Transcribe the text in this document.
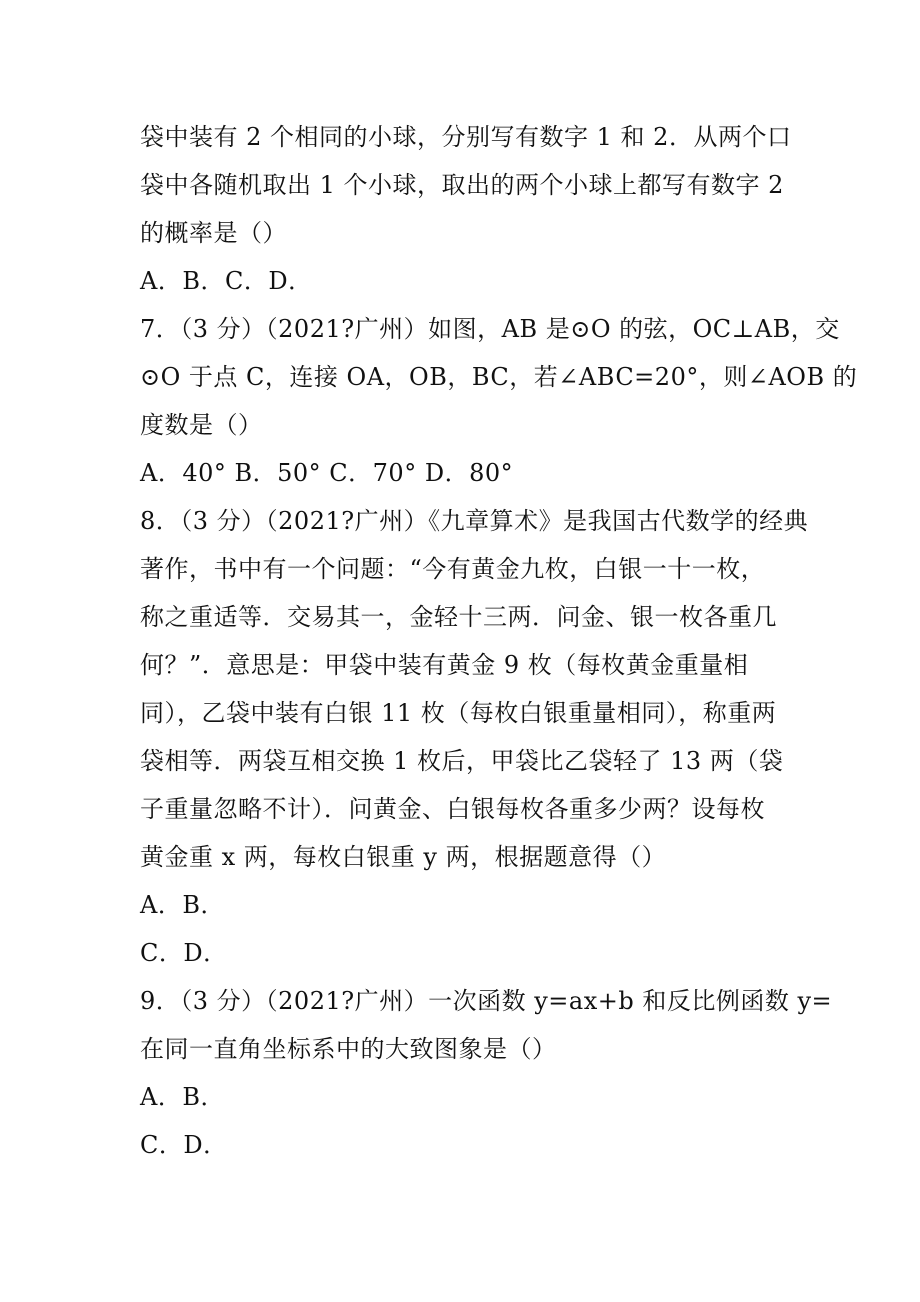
袋中装有 2 个相同的小球，分别写有数字 1 和 2．从两个口
袋中各随机取出 1 个小球，取出的两个小球上都写有数字 2
的概率是（）
A．B．C．D．
7．（3 分）（2021?广州）如图，AB 是⊙O 的弦，OC⊥AB，交
⊙O 于点 C，连接 OA，OB，BC，若∠ABC=20°，则∠AOB 的
度数是（）
A．40° B．50° C．70° D．80°
8．（3 分）（2021?广州）《九章算术》是我国古代数学的经典
著作，书中有一个问题：“今有黄金九枚，白银一十一枚，
称之重适等．交易其一，金轻十三两．问金、银一枚各重几
何？”．意思是：甲袋中装有黄金 9 枚（每枚黄金重量相
同），乙袋中装有白银 11 枚（每枚白银重量相同），称重两
袋相等．两袋互相交换 1 枚后，甲袋比乙袋轻了 13 两（袋
子重量忽略不计）．问黄金、白银每枚各重多少两？设每枚
黄金重 x 两，每枚白银重 y 两，根据题意得（）
A．B．
C．D．
9．（3 分）（2021?广州）一次函数 y=ax+b 和反比例函数 y=
在同一直角坐标系中的大致图象是（）
A．B．
C．D．
